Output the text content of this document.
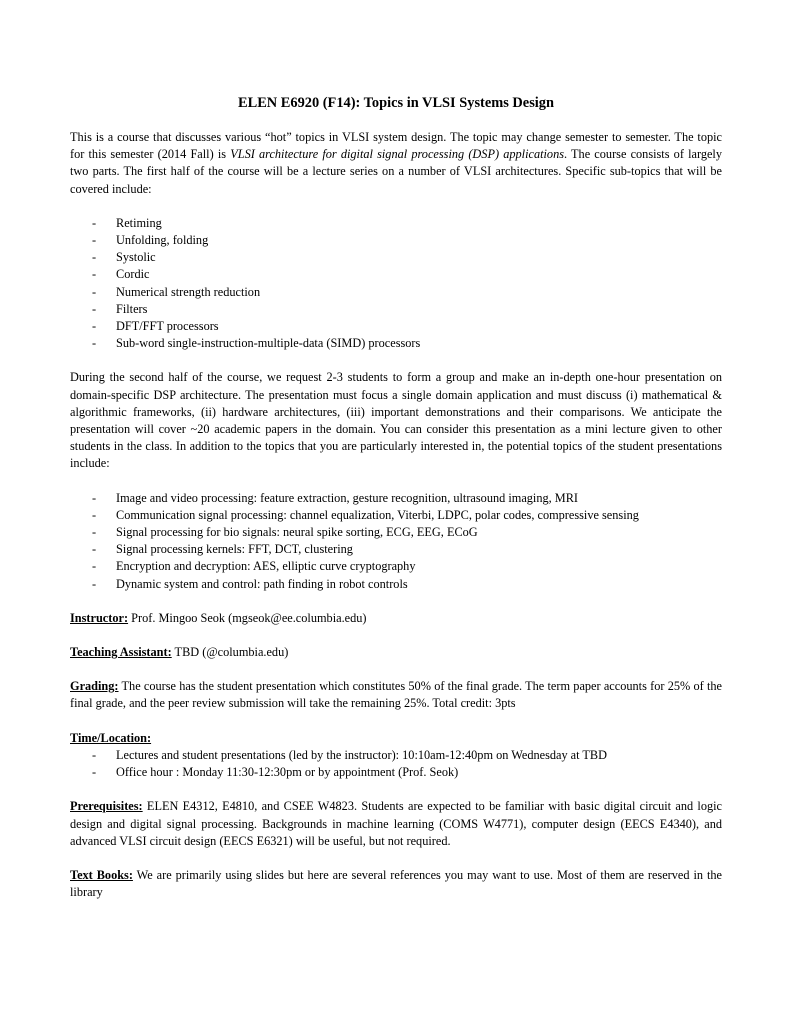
ELEN E6920 (F14): Topics in VLSI Systems Design

This is a course that discusses various “hot” topics in VLSI system design. The topic may change semester to semester. The topic for this semester (2014 Fall) is VLSI architecture for digital signal processing (DSP) applications. The course consists of largely two parts. The first half of the course will be a lecture series on a number of VLSI architectures. Specific sub-topics that will be covered include:

- Retiming
- Unfolding, folding
- Systolic
- Cordic
- Numerical strength reduction
- Filters
- DFT/FFT processors
- Sub-word single-instruction-multiple-data (SIMD) processors

During the second half of the course, we request 2-3 students to form a group and make an in-depth one-hour presentation on domain-specific DSP architecture. The presentation must focus a single domain application and must discuss (i) mathematical & algorithmic frameworks, (ii) hardware architectures, (iii) important demonstrations and their comparisons. We anticipate the presentation will cover ~20 academic papers in the domain. You can consider this presentation as a mini lecture given to other students in the class. In addition to the topics that you are particularly interested in, the potential topics of the student presentations include:

- Image and video processing: feature extraction, gesture recognition, ultrasound imaging, MRI
- Communication signal processing: channel equalization, Viterbi, LDPC, polar codes, compressive sensing
- Signal processing for bio signals: neural spike sorting, ECG, EEG, ECoG
- Signal processing kernels: FFT, DCT, clustering
- Encryption and decryption: AES, elliptic curve cryptography
- Dynamic system and control: path finding in robot controls

Instructor: Prof. Mingoo Seok (mgseok@ee.columbia.edu)

Teaching Assistant: TBD (@columbia.edu)

Grading: The course has the student presentation which constitutes 50% of the final grade. The term paper accounts for 25% of the final grade, and the peer review submission will take the remaining 25%. Total credit: 3pts

Time/Location:

- Lectures and student presentations (led by the instructor): 10:10am-12:40pm on Wednesday at TBD
- Office hour : Monday 11:30-12:30pm or by appointment (Prof. Seok)

Prerequisites: ELEN E4312, E4810, and CSEE W4823. Students are expected to be familiar with basic digital circuit and logic design and digital signal processing. Backgrounds in machine learning (COMS W4771), computer design (EECS E4340), and advanced VLSI circuit design (EECS E6321) will be useful, but not required.

Text Books: We are primarily using slides but here are several references you may want to use. Most of them are reserved in the library
